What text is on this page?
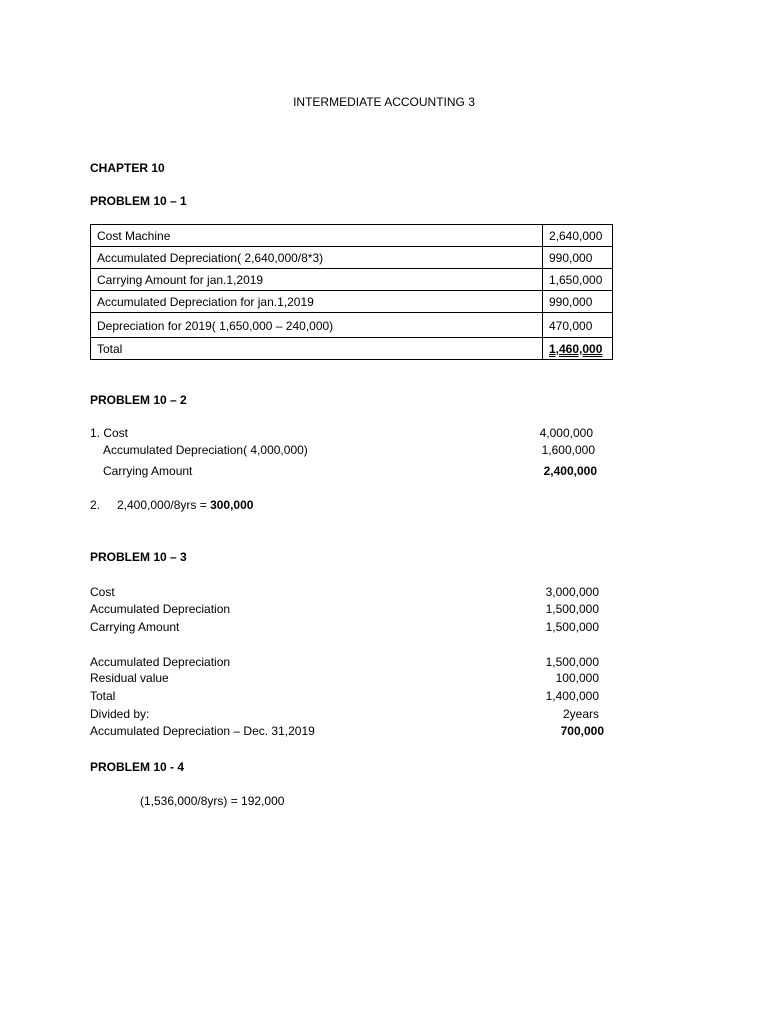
INTERMEDIATE ACCOUNTING 3
CHAPTER 10
PROBLEM 10 – 1
Cost Machine	2,640,000
Accumulated Depreciation( 2,640,000/8*3)	990,000
Carrying Amount for jan.1,2019	1,650,000
Accumulated Depreciation for jan.1,2019	990,000
Depreciation for 2019( 1,650,000 – 240,000)	470,000
Total	1,460,000
PROBLEM 10 – 2
1. Cost	4,000,000
Accumulated Depreciation( 4,000,000)	1,600,000
Carrying Amount	2,400,000
2. 2,400,000/8yrs = 300,000
PROBLEM 10 – 3
Cost	3,000,000
Accumulated Depreciation	1,500,000
Carrying Amount	1,500,000
Accumulated Depreciation	1,500,000
Residual value	100,000
Total	1,400,000
Divided by:	2years
Accumulated Depreciation – Dec. 31,2019	700,000
PROBLEM 10 - 4
(1,536,000/8yrs) = 192,000
